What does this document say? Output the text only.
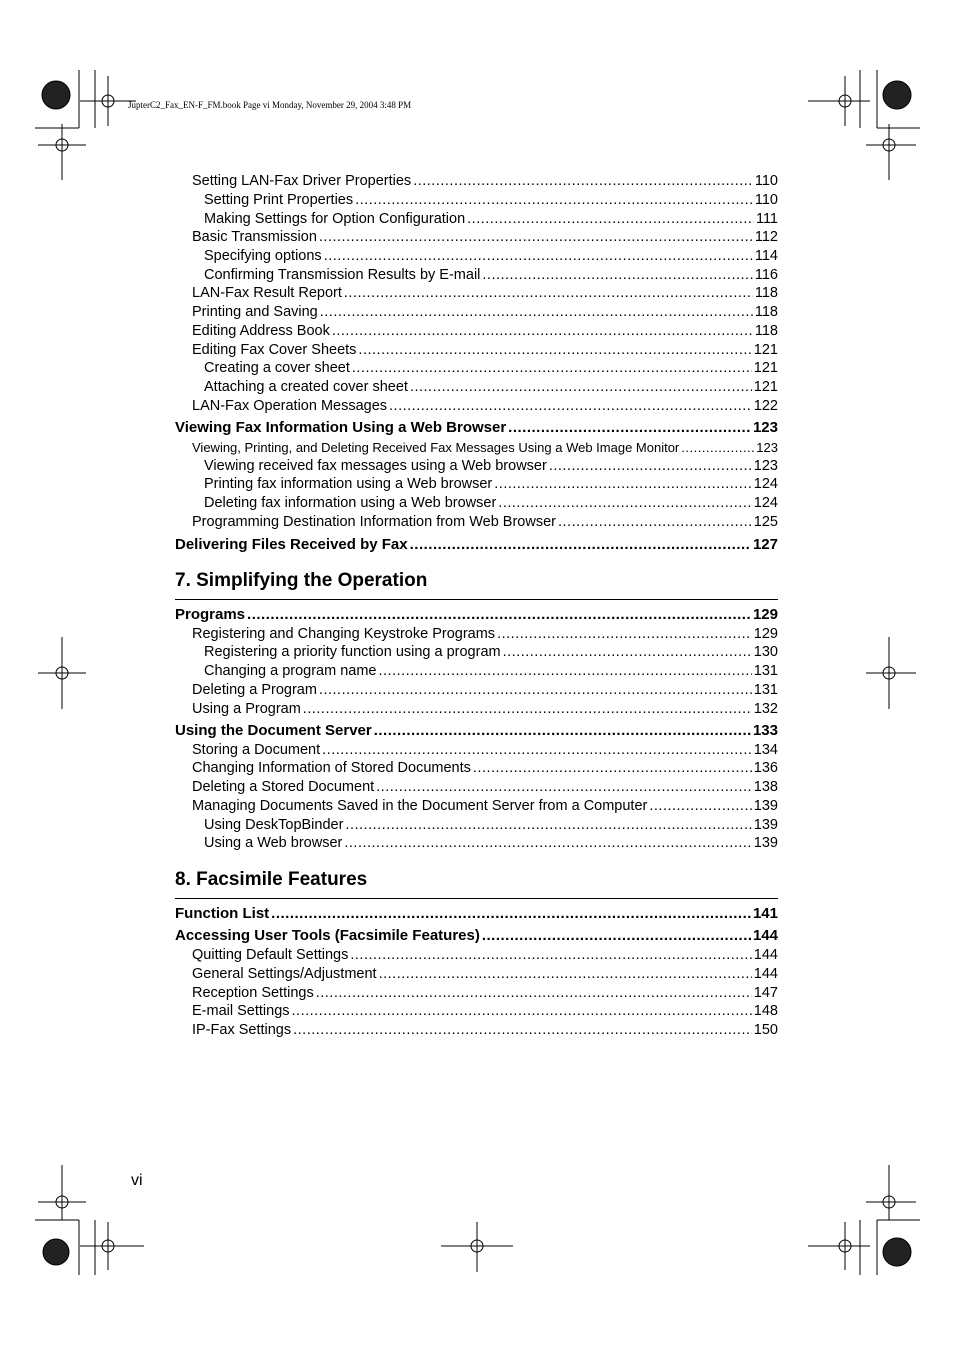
JupterC2_Fax_EN-F_FM.book Page vi Monday, November 29, 2004 3:48 PM
Setting LAN-Fax Driver Properties .....	110
Setting Print Properties .....	110
Making Settings for Option Configuration .....	111
Basic Transmission .....	112
Specifying options .....	114
Confirming Transmission Results by E-mail .....	116
LAN-Fax Result Report .....	118
Printing and Saving .....	118
Editing Address Book .....	118
Editing Fax Cover Sheets .....	121
Creating a cover sheet .....	121
Attaching a created cover sheet .....	121
LAN-Fax Operation Messages .....	122
Viewing Fax Information Using a Web Browser .....	123
Viewing, Printing, and Deleting Received Fax Messages Using a Web Image Monitor .....	123
Viewing received fax messages using a Web browser .....	123
Printing fax information using a Web browser .....	124
Deleting fax information using a Web browser .....	124
Programming Destination Information from Web Browser .....	125
Delivering Files Received by Fax .....	127
7. Simplifying the Operation
Programs .....	129
Registering and Changing Keystroke Programs .....	129
Registering a priority function using a program .....	130
Changing a program name .....	131
Deleting a Program .....	131
Using a Program .....	132
Using the Document Server .....	133
Storing a Document .....	134
Changing Information of Stored Documents .....	136
Deleting a Stored Document .....	138
Managing Documents Saved in the Document Server from a Computer .....	139
Using DeskTopBinder .....	139
Using a Web browser .....	139
8. Facsimile Features
Function List .....	141
Accessing User Tools (Facsimile Features) .....	144
Quitting Default Settings .....	144
General Settings/Adjustment .....	144
Reception Settings .....	147
E-mail Settings .....	148
IP-Fax Settings .....	150
vi
